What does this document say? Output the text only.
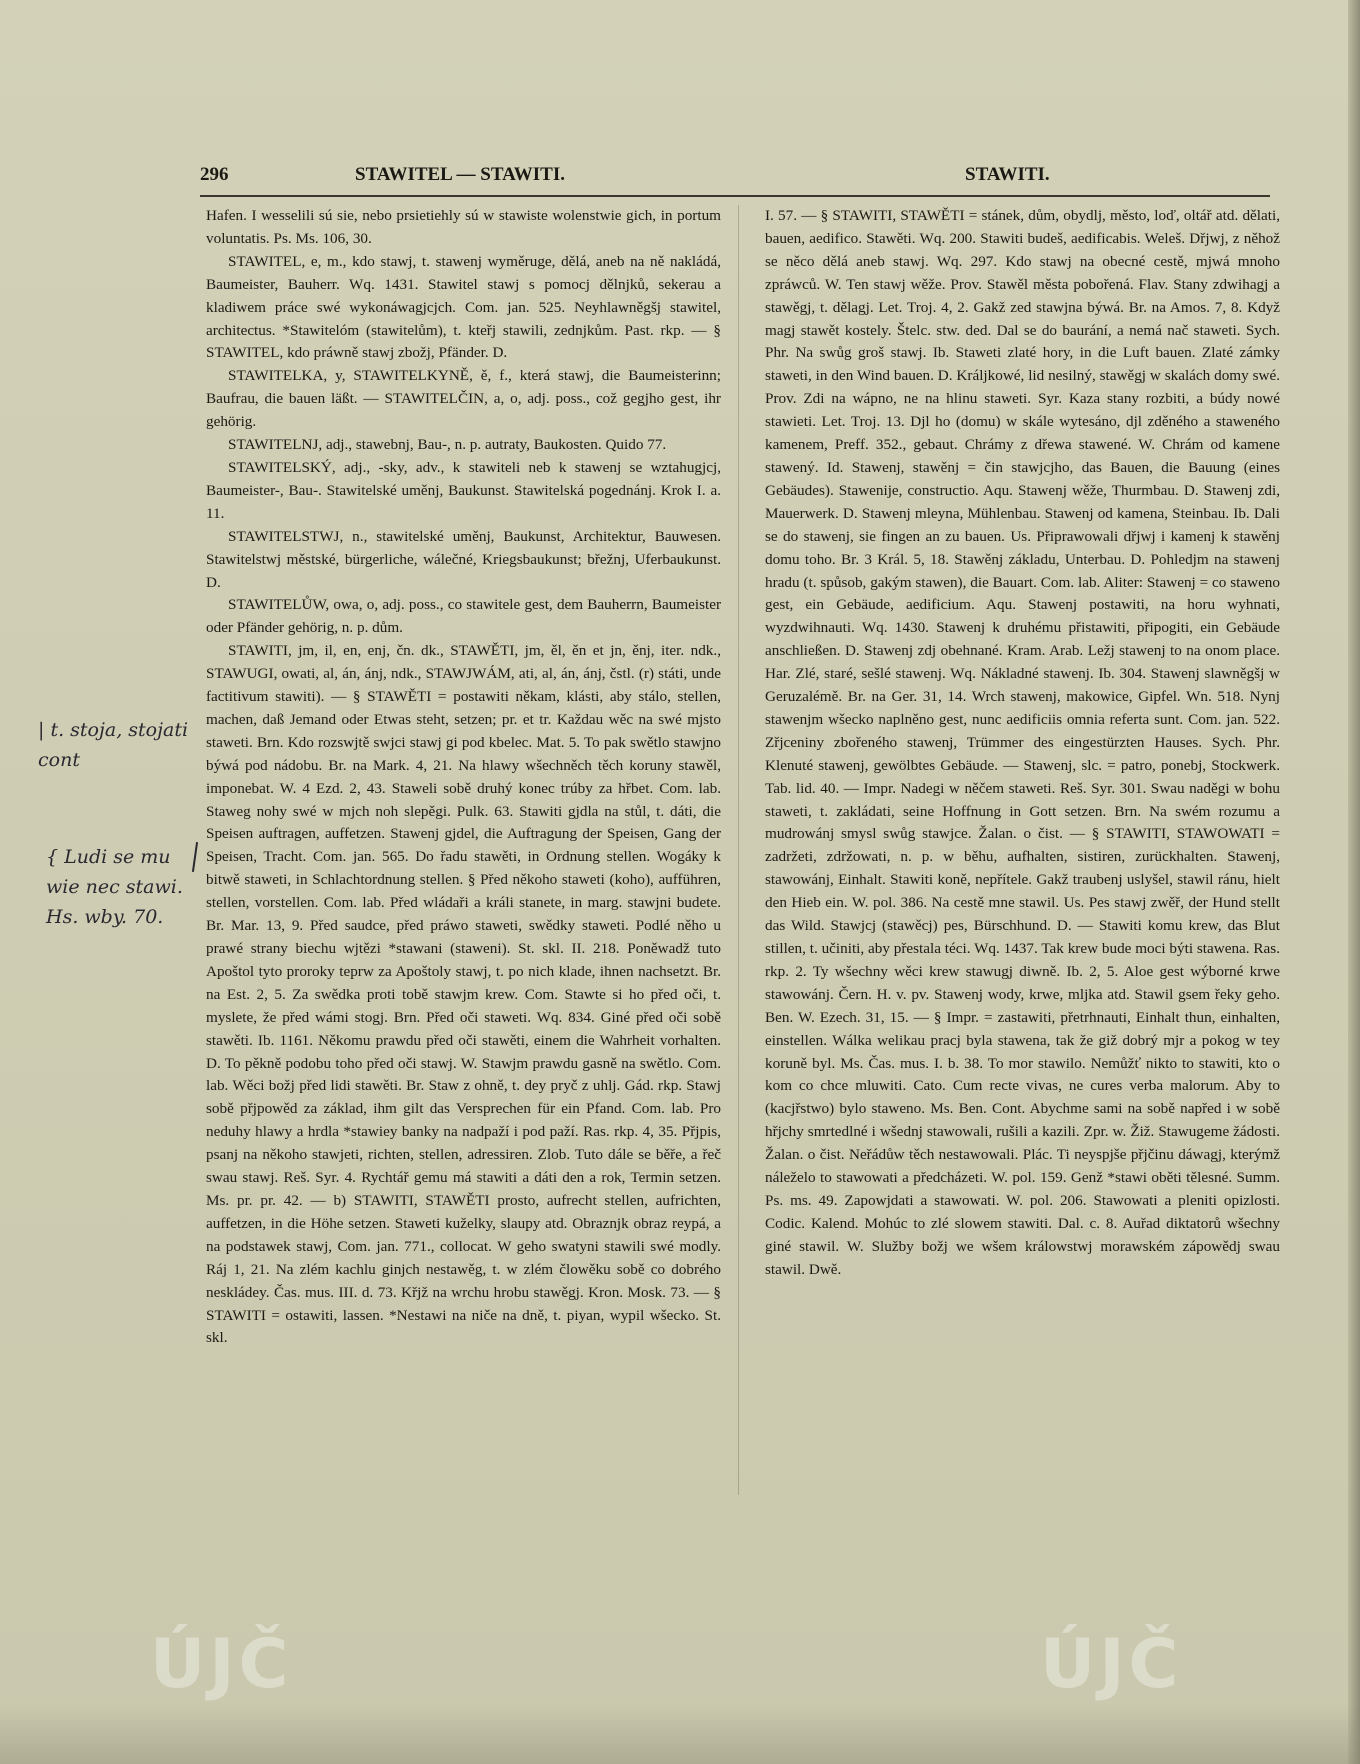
296	STAWITEL — STAWITI.	STAWITI.

Hafen. I wesselili sú sie, nebo prsietiehly sú w stawiste wolenstwie gich, in portum voluntatis. Ps. Ms. 106, 30.

STAWITEL, e, m., kdo stawj, t. stawenj wyměruge, dělá, aneb na ně nakládá, Baumeister, Bauherr. Wq. 1431. Stawitel stawj s pomocj dělnjků, sekerau a kladiwem práce swé wykonáwagjcjch. Com. jan. 525. Neyhlawněgšj stawitel, architectus. *Stawitelóm (stawitelům), t. kteřj stawili, zednjkům. Past. rkp. — § STAWITEL, kdo práwně stawj zbožj, Pfänder. D.

STAWITELKA, y, STAWITELKYNĚ, ě, f., která stawj, die Baumeisterinn; Baufrau, die bauen läßt. — STAWITELČIN, a, o, adj. poss., což gegjho gest, ihr gehörig.

STAWITELNJ, adj., stawebnj, Bau-, n. p. autraty, Baukosten. Quido 77.

STAWITELSKÝ, adj., -sky, adv., k stawiteli neb k stawenj se wztahugjcj, Baumeister-, Bau-. Stawitelské uměnj, Baukunst. Stawitelská pogednánj. Krok I. a. 11.

STAWITELSTWJ, n., stawitelské uměnj, Baukunst, Architektur, Bauwesen. Stawitelstwj městské, bürgerliche, wálečné, Kriegsbaukunst; břežnj, Uferbaukunst. D.

STAWITELŮW, owa, o, adj. poss., co stawitele gest, dem Bauherrn, Baumeister oder Pfänder gehörig, n. p. dům.

STAWITI, jm, il, en, enj, čn. dk., STAWĚTI, jm, ěl, ěn et jn, ěnj, iter. ndk., STAWUGI, owati, al, án, ánj, ndk., STAWJWÁM, ati, al, án, ánj, čstl. (r) státi, unde factitivum stawiti). — § STAWĚTI = postawiti někam, klásti, aby stálo, stellen, machen, daß Jemand oder Etwas steht, setzen; pr. et tr. Každau wěc na swé mjsto staweti. Brn. Kdo rozswjtě swjci stawj gi pod kbelec. Mat. 5. To pak swětlo stawjno býwá pod nádobu. Br. na Mark. 4, 21. Na hlawy wšechněch těch koruny stawěl, imponebat. W. 4 Ezd. 2, 43. Staweli sobě druhý konec trúby za hřbet. Com. lab. Staweg nohy swé w mjch noh slepěgi. Pulk. 63. Stawiti gjdla na stůl, t. dáti, die Speisen auftragen, auffetzen. Stawenj gjdel, die Auftragung der Speisen, Gang der Speisen, Tracht. Com. jan. 565. Do řadu stawěti, in Ordnung stellen. Wogáky k bitwě staweti, in Schlachtordnung stellen. § Před někoho staweti (koho), aufführen, stellen, vorstellen. Com. lab. Před wládaři a králi stanete, in marg. stawjni budete. Br. Mar. 13, 9. Před saudce, před práwo staweti, swědky staweti. Podlé něho u prawé strany biechu wjtězi *stawani (staweni). St. skl. II. 218. Poněwadž tuto Apoštol tyto proroky teprw za Apoštoly stawj, t. po nich klade, ihnen nachsetzt. Br. na Est. 2, 5. Za swědka proti tobě stawjm krew. Com. Stawte si ho před oči, t. myslete, že před wámi stogj. Brn. Před oči staweti. Wq. 834. Giné před oči sobě stawěti. Ib. 1161. Někomu prawdu před oči stawěti, einem die Wahrheit vorhalten. D. To pěkně podobu toho před oči stawj. W. Stawjm prawdu gasně na swětlo. Com. lab. Wěci božj před lidi stawěti. Br. Staw z ohně, t. dey pryč z uhlj. Gád. rkp. Stawj sobě přjpowěd za základ, ihm gilt das Versprechen für ein Pfand. Com. lab. Pro neduhy hlawy a hrdla *stawiey banky na nadpaží i pod paží. Ras. rkp. 4, 35. Přjpis, psanj na někoho stawjeti, richten, stellen, adressiren. Zlob. Tuto dále se běře, a řeč swau stawj. Reš. Syr. 4. Rychtář gemu má stawiti a dáti den a rok, Termin setzen. Ms. pr. pr. 42. — b) STAWITI, STAWĚTI prosto, aufrecht stellen, aufrichten, auffetzen, in die Höhe setzen. Staweti kuželky, slaupy atd. Obraznjk obraz reypá, a na podstawek stawj, Com. jan. 771., collocat. W geho swatyni stawili swé modly. Ráj 1, 21. Na zlém kachlu ginjch nestawěg, t. w zlém člowěku sobě co dobrého neskládey. Čas. mus. III. d. 73. Křjž na wrchu hrobu stawěgj. Kron. Mosk. 73. — § STAWITI = ostawiti, lassen. *Nestawi na niče na dně, t. piyan, wypil wšecko. St. skl.

I. 57. — § STAWITI, STAWĚTI = stánek, dům, obydlj, město, loď, oltář atd. dělati, bauen, aedifico. Stawěti. Wq. 200. Stawiti budeš, aedificabis. Weleš. Dřjwj, z něhož se něco dělá aneb stawj. Wq. 297. Kdo stawj na obecné cestě, mjwá mnoho zpráwců. W. Ten stawj wěže. Prov. Stawěl města pobořená. Flav. Stany zdwihagj a stawěgj, t. dělagj. Let. Troj. 4, 2. Gakž zed stawjna býwá. Br. na Amos. 7, 8. Když magj stawět kostely. Štelc. stw. ded. Dal se do baurání, a nemá nač staweti. Sych. Phr. Na swůg groš stawj. Ib. Staweti zlaté hory, in die Luft bauen. Zlaté zámky staweti, in den Wind bauen. D. Králjkowé, lid nesilný, stawěgj w skalách domy swé. Prov. Zdi na wápno, ne na hlinu staweti. Syr. Kaza stany rozbiti, a búdy nowé stawieti. Let. Troj. 13. Djl ho (domu) w skále wytesáno, djl zděného a staweného kamenem, Preff. 352., gebaut. Chrámy z dřewa stawené. W. Chrám od kamene stawený. Id. Stawenj, stawěnj = čin stawjcjho, das Bauen, die Bauung (eines Gebäudes). Stawenije, constructio. Aqu. Stawenj wěže, Thurmbau. D. Stawenj zdi, Mauerwerk. D. Stawenj mleyna, Mühlenbau. Stawenj od kamena, Steinbau. Ib. Dali se do stawenj, sie fingen an zu bauen. Us. Připrawowali dřjwj i kamenj k stawěnj domu toho. Br. 3 Král. 5, 18. Stawěnj základu, Unterbau. D. Pohledjm na stawenj hradu (t. spůsob, gakým stawen), die Bauart. Com. lab. Aliter: Stawenj = co staweno gest, ein Gebäude, aedificium. Aqu. Stawenj postawiti, na horu wyhnati, wyzdwihnauti. Wq. 1430. Stawenj k druhému přistawiti, připogiti, ein Gebäude anschließen. D. Stawenj zdj obehnané. Kram. Arab. Ležj stawenj to na onom place. Har. Zlé, staré, sešlé stawenj. Wq. Nákladné stawenj. Ib. 304. Stawenj slawněgšj w Geruzalémě. Br. na Ger. 31, 14. Wrch stawenj, makowice, Gipfel. Wn. 518. Nynj stawenjm wšecko naplněno gest, nunc aedificiis omnia referta sunt. Com. jan. 522. Zřjceniny zbořeného stawenj, Trümmer des eingestürzten Hauses. Sych. Phr. Klenuté stawenj, gewölbtes Gebäude. — Stawenj, slc. = patro, ponebj, Stockwerk. Tab. lid. 40. — Impr. Nadegi w něčem staweti. Reš. Syr. 301. Swau naděgi w bohu staweti, t. zakládati, seine Hoffnung in Gott setzen. Brn. Na swém rozumu a mudrowánj smysl swůg stawjce. Žalan. o čist. — § STAWITI, STAWOWATI = zadržeti, zdržowati, n. p. w běhu, aufhalten, sistiren, zurückhalten. Stawenj, stawowánj, Einhalt. Stawiti koně, nepřítele. Gakž traubenj uslyšel, stawil ránu, hielt den Hieb ein. W. pol. 386. Na cestě mne stawil. Us. Pes stawj zwěř, der Hund stellt das Wild. Stawjcj (stawěcj) pes, Bürschhund. D. — Stawiti komu krew, das Blut stillen, t. učiniti, aby přestala téci. Wq. 1437. Tak krew bude moci býti stawena. Ras. rkp. 2. Ty wšechny wěci krew stawugj diwně. Ib. 2, 5. Aloe gest wýborné krwe stawowánj. Čern. H. v. pv. Stawenj wody, krwe, mljka atd. Stawil gsem řeky geho. Ben. W. Ezech. 31, 15. — § Impr. = zastawiti, přetrhnauti, Einhalt thun, einhalten, einstellen. Wálka welikau pracj byla stawena, tak že giž dobrý mjr a pokog w tey koruně byl. Ms. Čas. mus. I. b. 38. To mor stawilo. Nemůžť nikto to stawiti, kto o kom co chce mluwiti. Cato. Cum recte vivas, ne cures verba malorum. Aby to (kacjřstwo) bylo staweno. Ms. Ben. Cont. Abychme sami na sobě napřed i w sobě hřjchy smrtedlné i wšednj stawowali, rušili a kazili. Zpr. w. Žiž. Stawugeme žádosti. Žalan. o čist. Neřádůw těch nestawowali. Plác. Ti neyspjše přjčinu dáwagj, kterýmž náleželo to stawowati a předcházeti. W. pol. 159. Genž *stawi oběti tělesné. Summ. Ps. ms. 49. Zapowjdati a stawowati. W. pol. 206. Stawowati a pleniti opizlosti. Codic. Kalend. Mohúc to zlé slowem stawiti. Dal. c. 8. Auřad diktatorů wšechny giné stawil. W. Služby božj we wšem králowstwj morawském zápowědj swau stawil. Dwě.

| t. stoja, stojati cont
{ Ludi se mu wie nec stawi. Hs. wby. 70.
ÚJČ	ÚJČ
